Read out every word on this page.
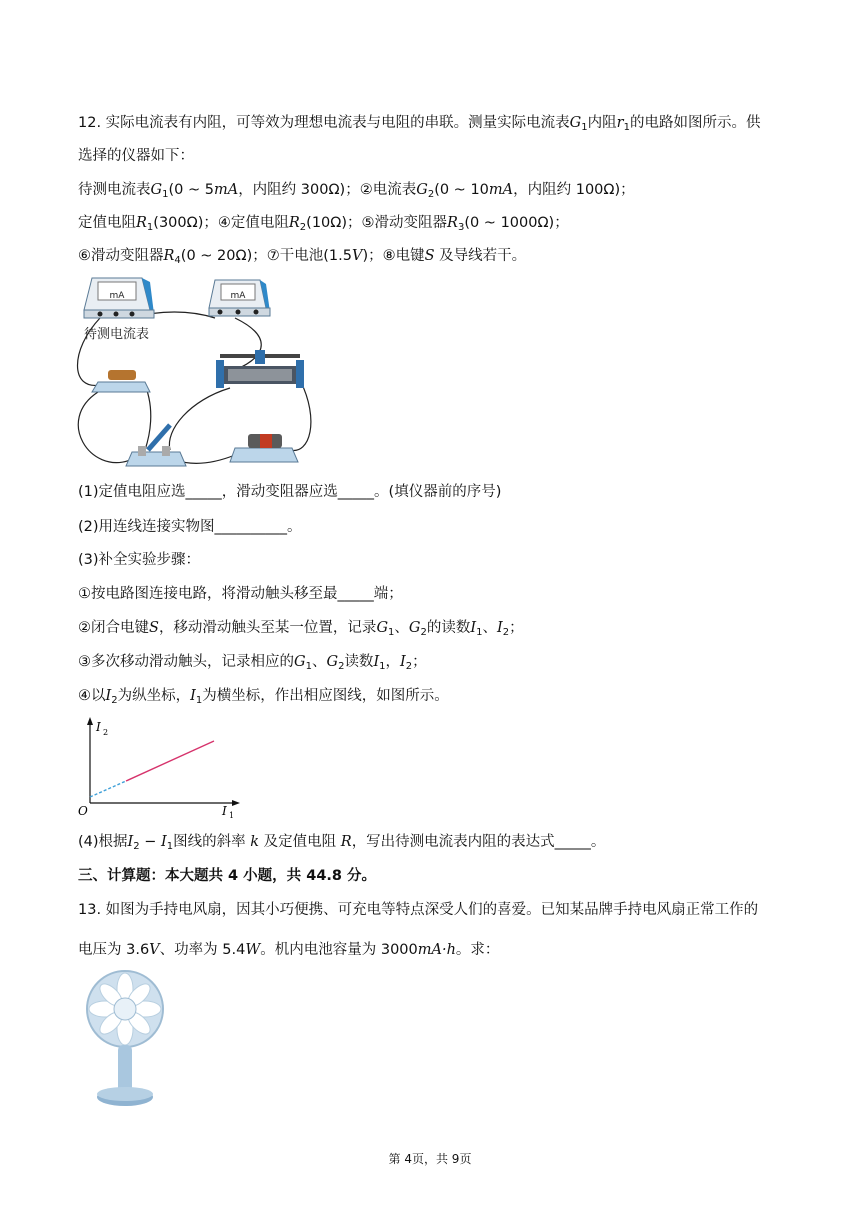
12. 实际电流表有内阻，可等效为理想电流表与电阻的串联。测量实际电流表$G_1$内阻$r_1$的电路如图所示。供
选择的仪器如下：
待测电流表$G_1(0$ ~ 5mA，内阻约 300Ω)；②电流表$G_2(0$ ~ 10mA，内阻约 100Ω)；
定值电阻$R_1(300\Omega)$；④定值电阻$R_2(10\Omega)$；⑤滑动变阻器$R_3(0$ ~ 1000Ω)；
⑥滑动变阻器$R_4(0$ ~ 20Ω)；⑦干电池(1.5V)；⑧电键S 及导线若干。
mA
待测电流表
mA
(1)定值电阻应选_____，滑动变阻器应选_____。(填仪器前的序号)
(2)用连线连接实物图__________。
(3)补全实验步骤：
①按电路图连接电路，将滑动触头移至最_____端；
②闭合电键S，移动滑动触头至某一位置，记录$G_1$、$G_2$的读数$I_1$、$I_2$；
③多次移动滑动触头，记录相应的$G_1$、$G_2$读数$I_1$，$I_2$；
④以$I_2$为纵坐标，$I_1$为横坐标，作出相应图线，如图所示。
I 2
I 1
O
(4)根据$I_2 - I_1$图线的斜率 k 及定值电阻 R，写出待测电流表内阻的表达式_____。
三、计算题：本大题共 4 小题，共 44.8 分。
13. 如图为手持电风扇，因其小巧便携、可充电等特点深受人们的喜爱。已知某品牌手持电风扇正常工作的
电压为 3.6V、功率为 5.4W。机内电池容量为 3000mA·h。求：
第 4页，共 9页
